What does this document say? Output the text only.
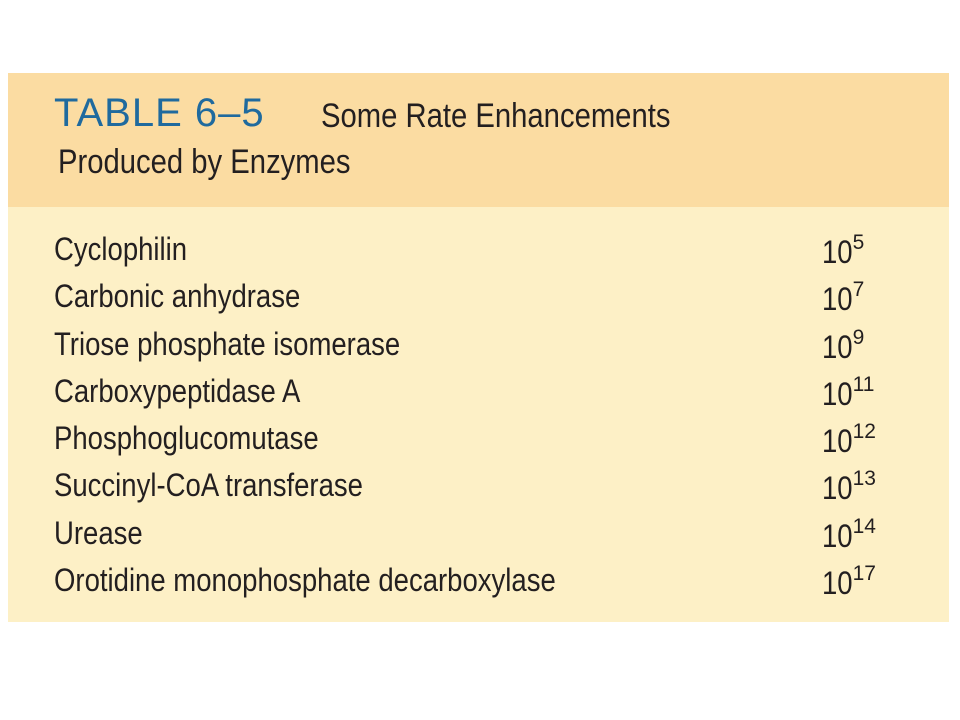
TABLE 6–5 Some Rate Enhancements
Produced by Enzymes
Cyclophilin	$10^5$
Carbonic anhydrase	$10^7$
Triose phosphate isomerase	$10^9$
Carboxypeptidase A	$10^{11}$
Phosphoglucomutase	$10^{12}$
Succinyl-CoA transferase	$10^{13}$
Urease	$10^{14}$
Orotidine monophosphate decarboxylase	$10^{17}$
